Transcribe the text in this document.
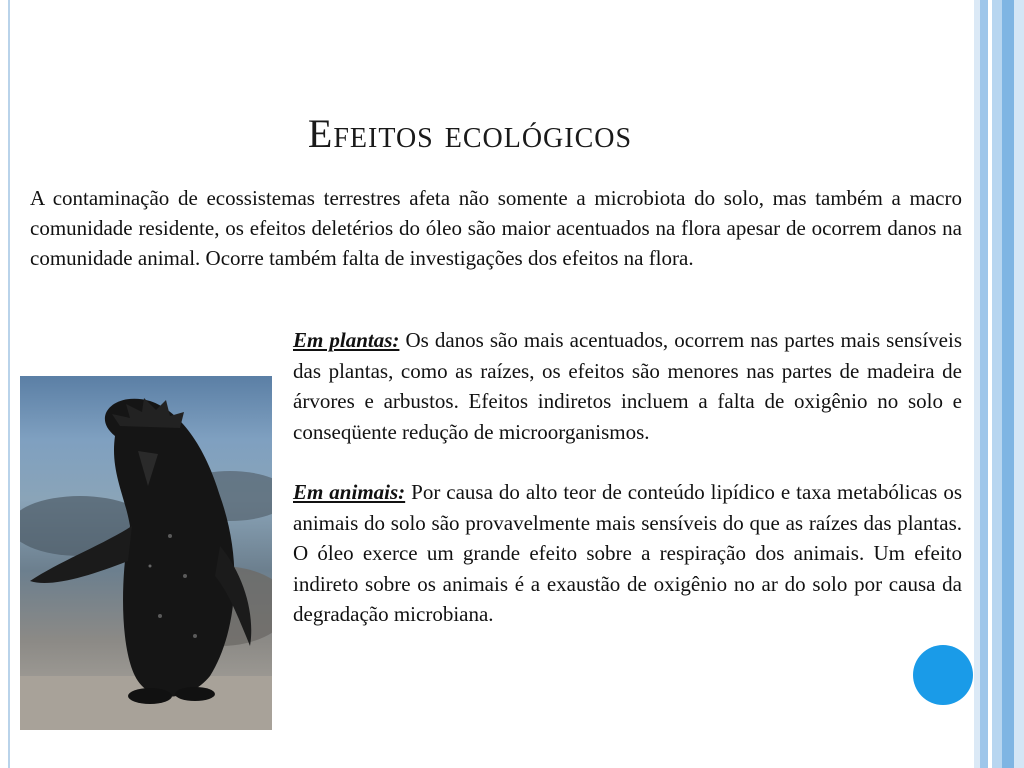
Efeitos ecológicos

A contaminação de ecossistemas terrestres afeta não somente a microbiota do solo, mas também a macro comunidade residente, os efeitos deletérios do óleo são maior acentuados na flora apesar de ocorrem danos na comunidade animal. Ocorre também falta de investigações dos efeitos na flora.

Em plantas: Os danos são mais acentuados, ocorrem nas partes mais sensíveis das plantas, como as raízes, os efeitos são menores nas partes de madeira de árvores e arbustos. Efeitos indiretos incluem a falta de oxigênio no solo e conseqüente redução de microorganismos.

Em animais: Por causa do alto teor de conteúdo lipídico e taxa metabólicas os animais do solo são provavelmente mais sensíveis do que as raízes das plantas. O óleo exerce um grande efeito sobre a respiração dos animais. Um efeito indireto sobre os animais é a exaustão de oxigênio no ar do solo por causa da degradação microbiana.
